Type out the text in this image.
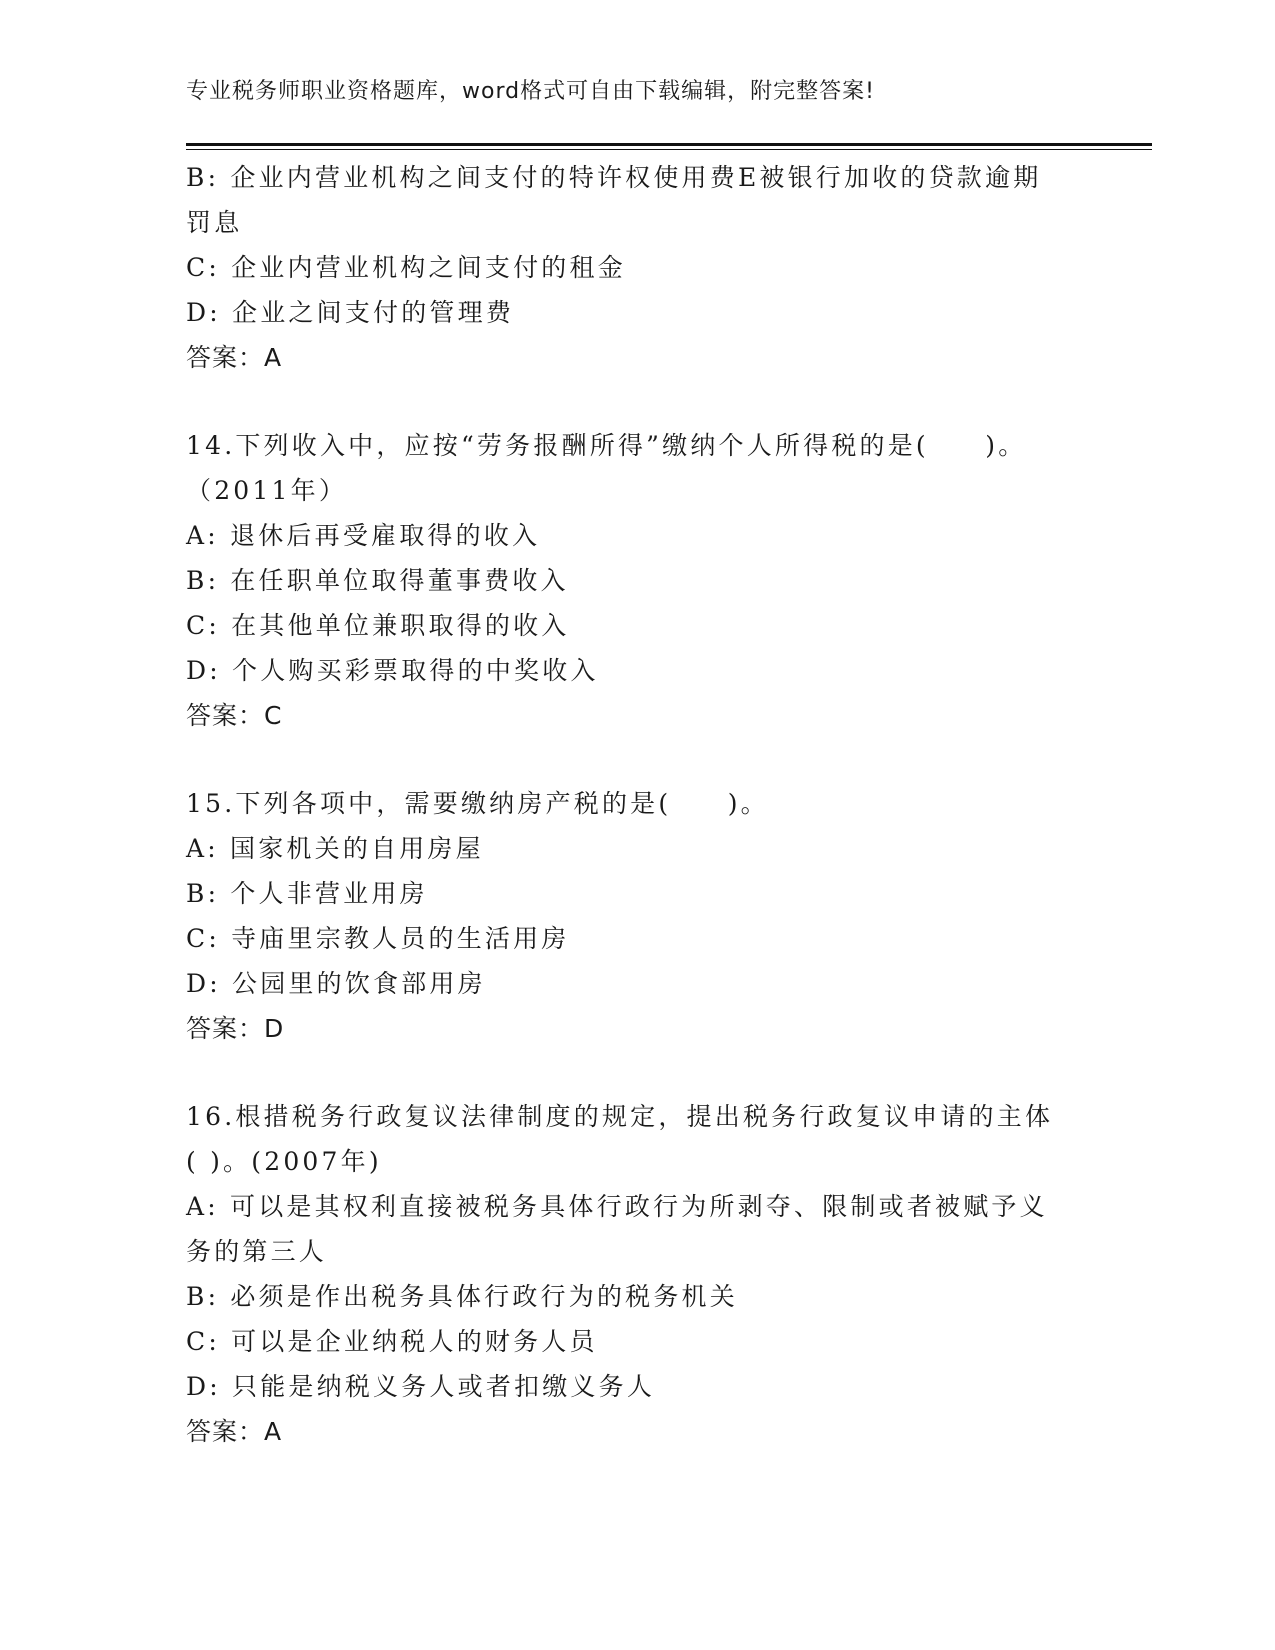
专业税务师职业资格题库，word格式可自由下载编辑，附完整答案!
B: 企业内营业机构之间支付的特许权使用费E被银行加收的贷款逾期
罚息
C: 企业内营业机构之间支付的租金
D: 企业之间支付的管理费
答案：A
14.下列收入中，应按“劳务报酬所得”缴纳个人所得税的是(　　)。
（2011年）
A: 退休后再受雇取得的收入
B: 在任职单位取得董事费收入
C: 在其他单位兼职取得的收入
D: 个人购买彩票取得的中奖收入
答案：C
15.下列各项中，需要缴纳房产税的是(　　)。
A: 国家机关的自用房屋
B: 个人非营业用房
C: 寺庙里宗教人员的生活用房
D: 公园里的饮食部用房
答案：D
16.根措税务行政复议法律制度的规定，提出税务行政复议申请的主体
( )。(2007年)
A: 可以是其权利直接被税务具体行政行为所剥夺、限制或者被赋予义
务的第三人
B: 必须是作出税务具体行政行为的税务机关
C: 可以是企业纳税人的财务人员
D: 只能是纳税义务人或者扣缴义务人
答案：A
